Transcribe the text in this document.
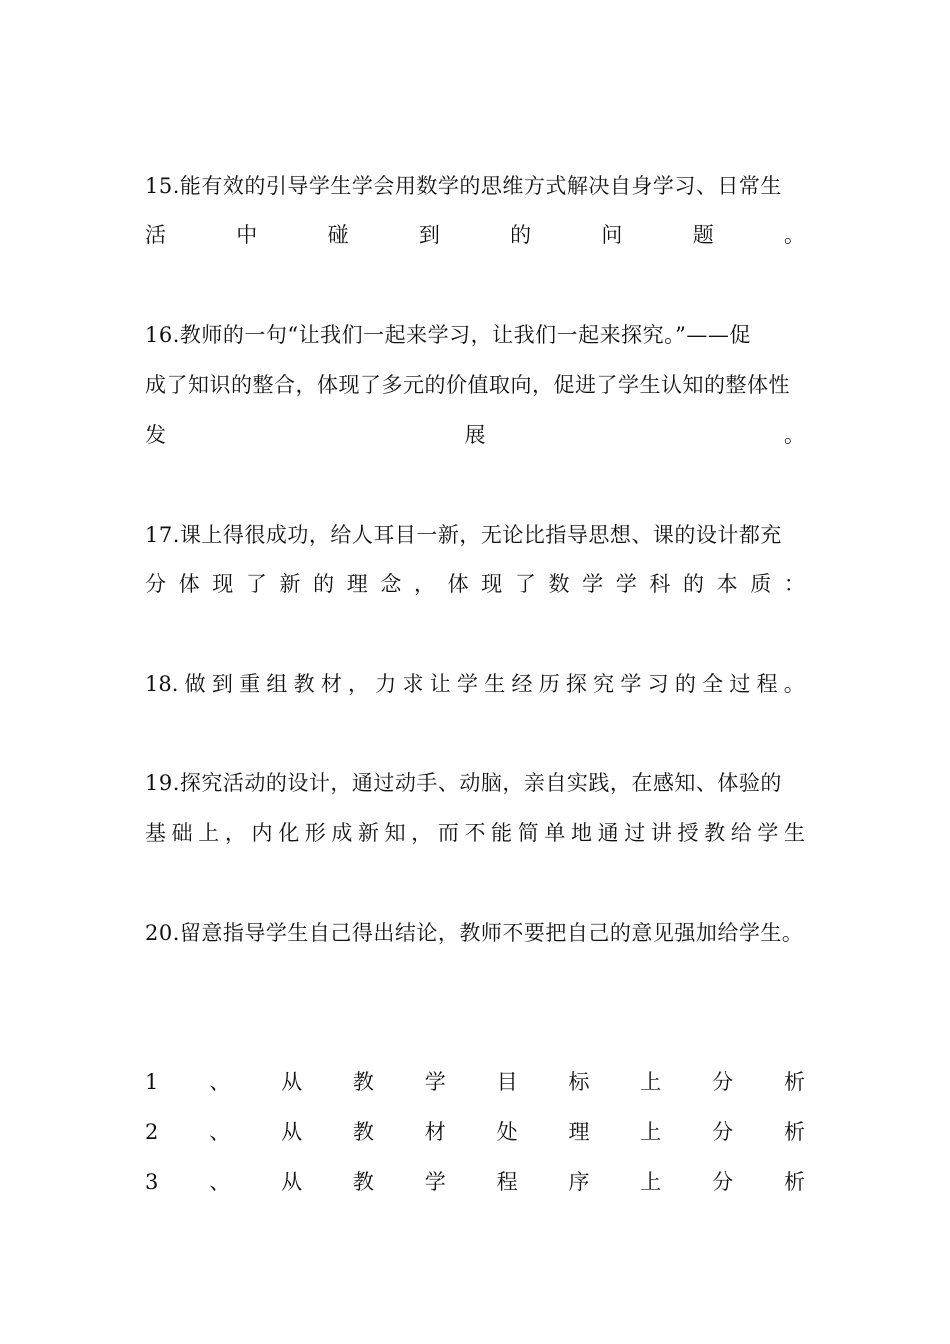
15.能有效的引导学生学会用数学的思维方式解决自身学习、日常生
活	中	碰	到	的	问	题	。
16.教师的一句“让我们一起来学习，让我们一起来探究。”——促
成了知识的整合，体现了多元的价值取向，促进了学生认知的整体性
发	展	。
17.课上得很成功，给人耳目一新，无论比指导思想、课的设计都充
分 体 现 了 新 的 理 念 ， 体 现 了 数 学 学 科 的 本 质 ：
18. 做 到 重 组 教 材 ， 力 求 让 学 生 经 历 探 究 学 习 的 全 过 程 。
19.探究活动的设计，通过动手、动脑，亲自实践，在感知、体验的
基 础 上 ， 内 化 形 成 新 知 ， 而 不 能 简 单 地 通 过 讲 授 教 给 学 生
20.留意指导学生自己得出结论，教师不要把自己的意见强加给学生。
1 、 从 教 学 目 标 上 分 析
2 、 从 教 材 处 理 上 分 析
3 、 从 教 学 程 序 上 分 析
